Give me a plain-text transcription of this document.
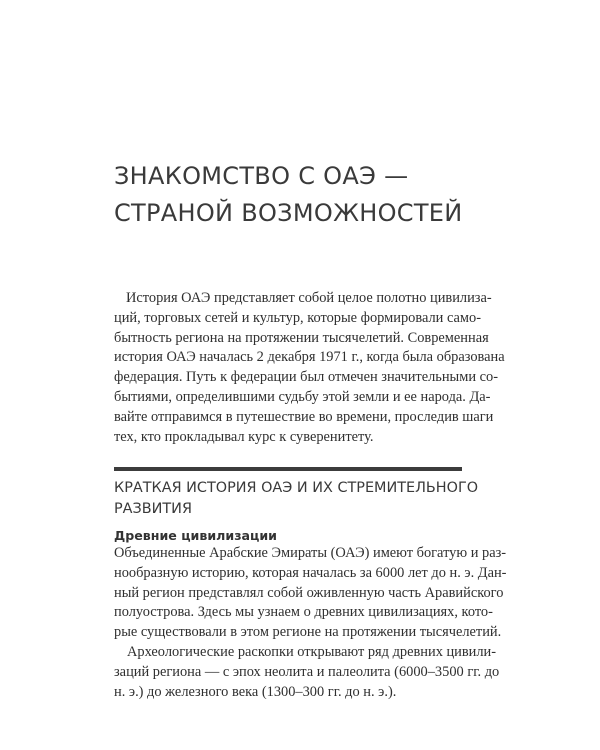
ЗНАКОМСТВО С ОАЭ —
СТРАНОЙ ВОЗМОЖНОСТЕЙ

История ОАЭ представляет собой целое полотно цивилиза-
ций, торговых сетей и культур, которые формировали само-
бытность региона на протяжении тысячелетий. Современная
история ОАЭ началась 2 декабря 1971 г., когда была образована
федерация. Путь к федерации был отмечен значительными со-
бытиями, определившими судьбу этой земли и ее народа. Да-
вайте отправимся в путешествие во времени, проследив шаги
тех, кто прокладывал курс к суверенитету.

КРАТКАЯ ИСТОРИЯ ОАЭ И ИХ СТРЕМИТЕЛЬНОГО
РАЗВИТИЯ
Древние цивилизации

Объединенные Арабские Эмираты (ОАЭ) имеют богатую и раз-
нообразную историю, которая началась за 6000 лет до н. э. Дан-
ный регион представлял собой оживленную часть Аравийского
полуострова. Здесь мы узнаем о древних цивилизациях, кото-
рые существовали в этом регионе на протяжении тысячелетий.

Археологические раскопки открывают ряд древних цивили-
заций региона — с эпох неолита и палеолита (6000–3500 гг. до
н. э.) до железного века (1300–300 гг. до н. э.).
